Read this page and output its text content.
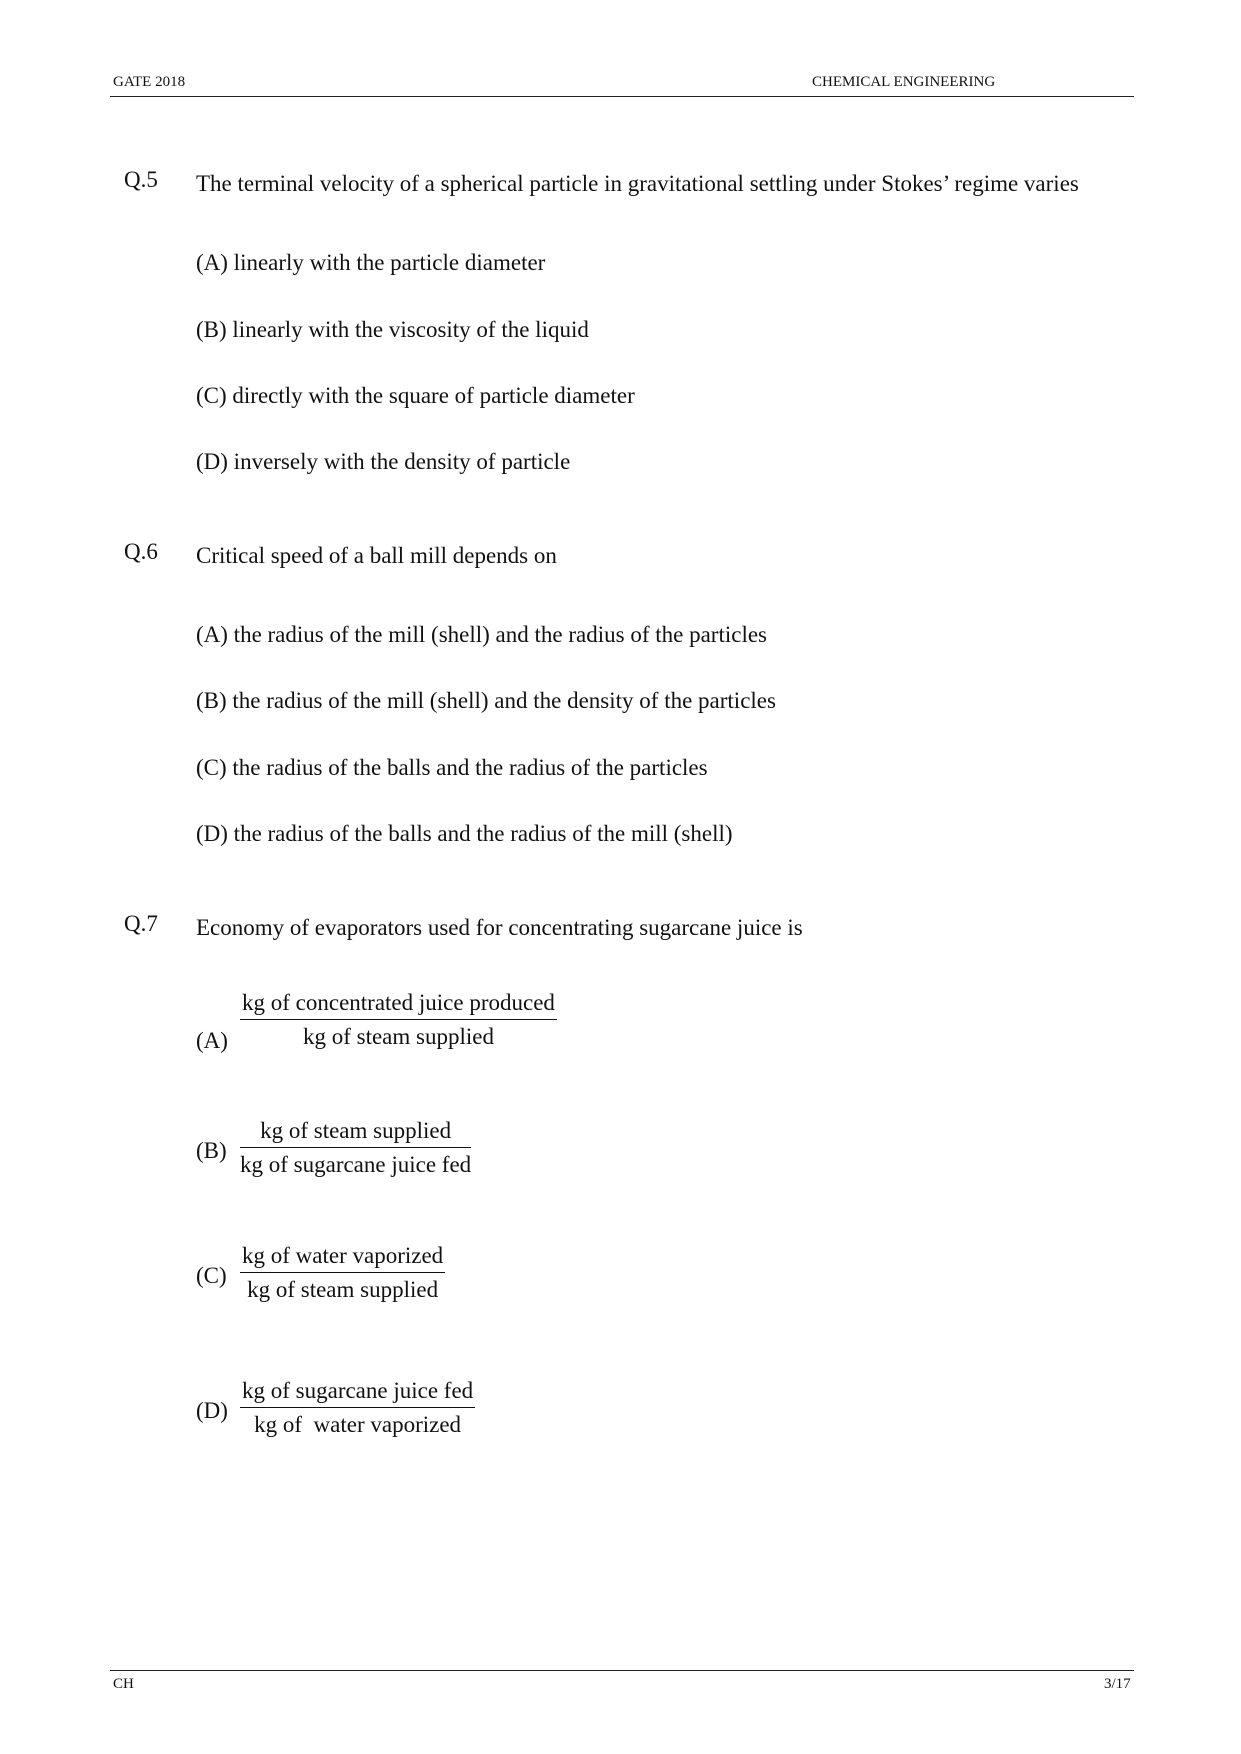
GATE 2018	CHEMICAL ENGINEERING
Q.5 The terminal velocity of a spherical particle in gravitational settling under Stokes’ regime varies
(A) linearly with the particle diameter
(B) linearly with the viscosity of the liquid
(C) directly with the square of particle diameter
(D) inversely with the density of particle
Q.6 Critical speed of a ball mill depends on
(A) the radius of the mill (shell) and the radius of the particles
(B) the radius of the mill (shell) and the density of the particles
(C) the radius of the balls and the radius of the particles
(D) the radius of the balls and the radius of the mill (shell)
Q.7 Economy of evaporators used for concentrating sugarcane juice is
(A)
kg of concentrated juice produced
kg of steam supplied
(B)
kg of steam supplied
kg of sugarcane juice fed
(C)
kg of water vaporized
kg of steam supplied
(D)
kg of sugarcane juice fed
kg of  water vaporized
CH	3/17
